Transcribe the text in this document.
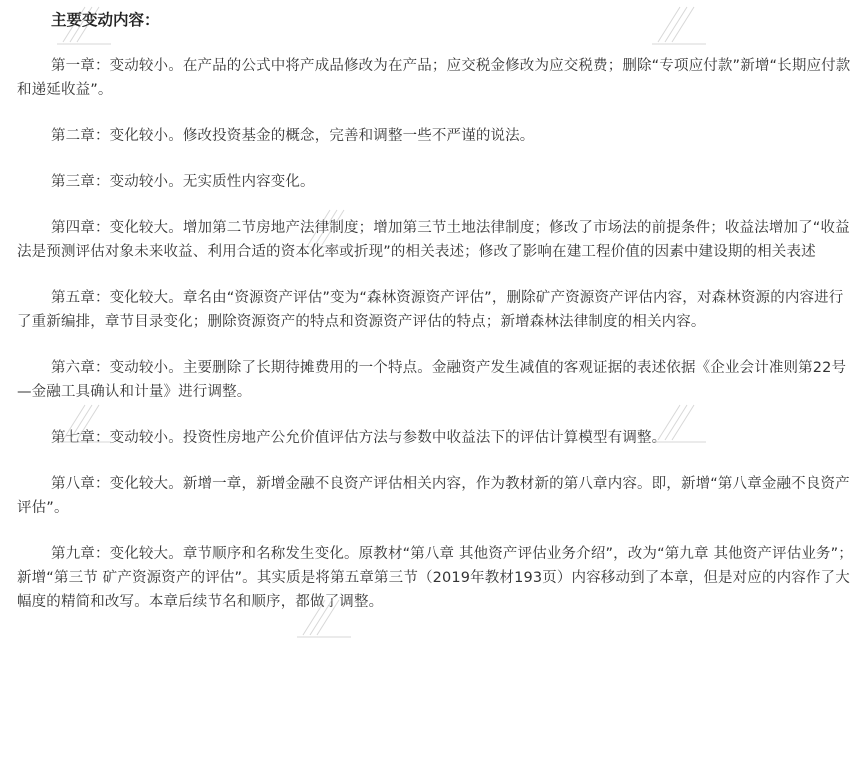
主要变动内容：

第一章：变动较小。在产品的公式中将产成品修改为在产品；应交税金修改为应交税费；删除“专项应付款”新增“长期应付款和递延收益”。

第二章：变化较小。修改投资基金的概念，完善和调整一些不严谨的说法。

第三章：变动较小。无实质性内容变化。

第四章：变化较大。增加第二节房地产法律制度；增加第三节土地法律制度；修改了市场法的前提条件；收益法增加了“收益法是预测评估对象未来收益、利用合适的资本化率或折现”的相关表述；修改了影响在建工程价值的因素中建设期的相关表述

第五章：变化较大。章名由“资源资产评估”变为“森林资源资产评估”，删除矿产资源资产评估内容，对森林资源的内容进行了重新编排，章节目录变化；删除资源资产的特点和资源资产评估的特点；新增森林法律制度的相关内容。

第六章：变动较小。主要删除了长期待摊费用的一个特点。金融资产发生减值的客观证据的表述依据《企业会计准则第22号—金融工具确认和计量》进行调整。

第七章：变动较小。投资性房地产公允价值评估方法与参数中收益法下的评估计算模型有调整。

第八章：变化较大。新增一章，新增金融不良资产评估相关内容，作为教材新的第八章内容。即，新增“第八章金融不良资产评估”。

第九章：变化较大。章节顺序和名称发生变化。原教材“第八章 其他资产评估业务介绍”，改为“第九章 其他资产评估业务”；新增“第三节 矿产资源资产的评估”。其实质是将第五章第三节（2019年教材193页）内容移动到了本章，但是对应的内容作了大幅度的精简和改写。本章后续节名和顺序，都做了调整。
